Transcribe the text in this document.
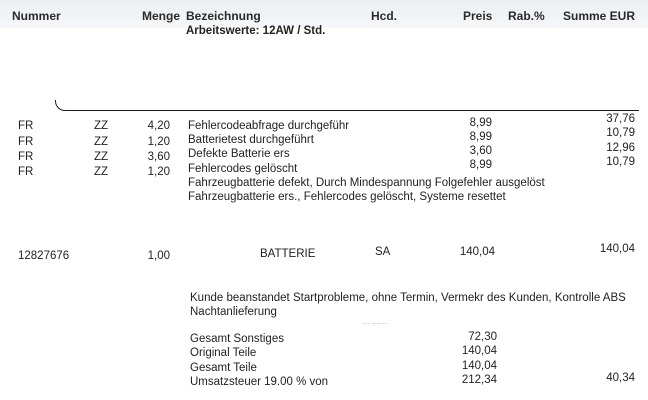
Nummer	Menge Bezeichnung	Hcd.	Preis Rab.% Summe EUR
Arbeitswerte: 12AW / Std.
FR	ZZ	4,20 Fehlercodeabfrage durchgeführ	8,99	37,76
FR	ZZ	1,20 Batterietest durchgeführt	8,99	10,79
FR	ZZ	3,60 Defekte Batterie ers	3,60	12,96
FR	ZZ	1,20 Fehlercodes gelöscht	8,99	10,79
Fahrzeugbatterie defekt, Durch Mindespannung Folgefehler ausgelöst
Fahrzeugbatterie ers., Fehlercodes gelöscht, Systeme resettet
12827676	1,00	BATTERIE	SA	140,04	140,04
Kunde beanstandet Startprobleme, ohne Termin, Vermekr des Kunden, Kontrolle ABS
Nachtanlieferung
... ......
Gesamt Sonstiges	72,30
Original Teile	140,04
Gesamt Teile	140,04
Umsatzsteuer 19.00 % von	212,34	40,34
